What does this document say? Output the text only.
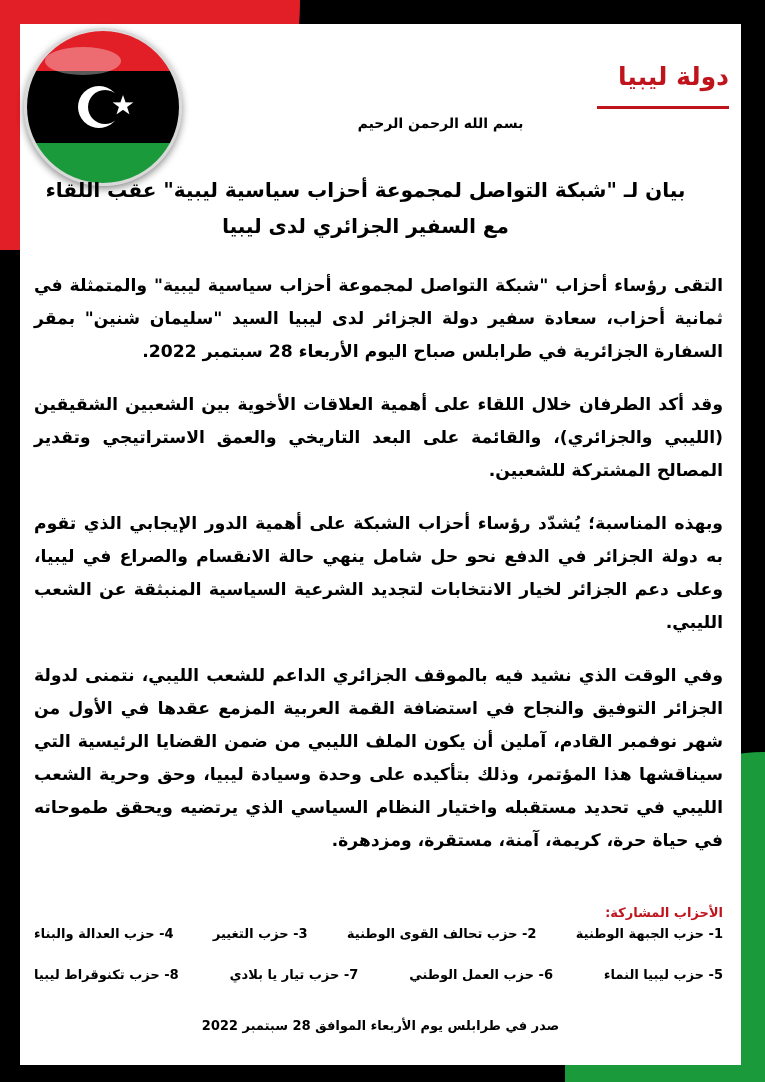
دولة ليبيا

بسم الله الرحمن الرحيم

بيان لـ "شبكة التواصل لمجموعة أحزاب سياسية ليبية" عقب اللقاء
مع السفير الجزائري لدى ليبيا

التقى رؤساء أحزاب "شبكة التواصل لمجموعة أحزاب سياسية ليبية" والمتمثلة في ثمانية أحزاب، سعادة سفير دولة الجزائر لدى ليبيا السيد "سليمان شنين" بمقر السفارة الجزائرية في طرابلس صباح اليوم الأربعاء 28 سبتمبر 2022.

وقد أكد الطرفان خلال اللقاء على أهمية العلاقات الأخوية بين الشعبين الشقيقين (الليبي والجزائري)، والقائمة على البعد التاريخي والعمق الاستراتيجي وتقدير المصالح المشتركة للشعبين.

وبهذه المناسبة؛ يُشدّد رؤساء أحزاب الشبكة على أهمية الدور الإيجابي الذي تقوم به دولة الجزائر في الدفع نحو حل شامل ينهي حالة الانقسام والصراع في ليبيا، وعلى دعم الجزائر لخيار الانتخابات لتجديد الشرعية السياسية المنبثقة عن الشعب الليبي.

وفي الوقت الذي نشيد فيه بالموقف الجزائري الداعم للشعب الليبي، نتمنى لدولة الجزائر التوفيق والنجاح في استضافة القمة العربية المزمع عقدها في الأول من شهر نوفمبر القادم، آملين أن يكون الملف الليبي من ضمن القضايا الرئيسية التي سيناقشها هذا المؤتمر، وذلك بتأكيده على وحدة وسيادة ليبيا، وحق وحرية الشعب الليبي في تحديد مستقبله واختيار النظام السياسي الذي يرتضيه ويحقق طموحاته في حياة حرة، كريمة، آمنة، مستقرة، ومزدهرة.

الأحزاب المشاركة:

1- حزب الجبهة الوطنية
2- حزب تحالف القوى الوطنية
3- حزب التغيير
4- حزب العدالة والبناء
5- حزب ليبيا النماء
6- حزب العمل الوطني
7- حزب تيار يا بلادي
8- حزب تكنوقراط ليبيا

صدر في طرابلس يوم الأربعاء الموافق 28 سبتمبر 2022
